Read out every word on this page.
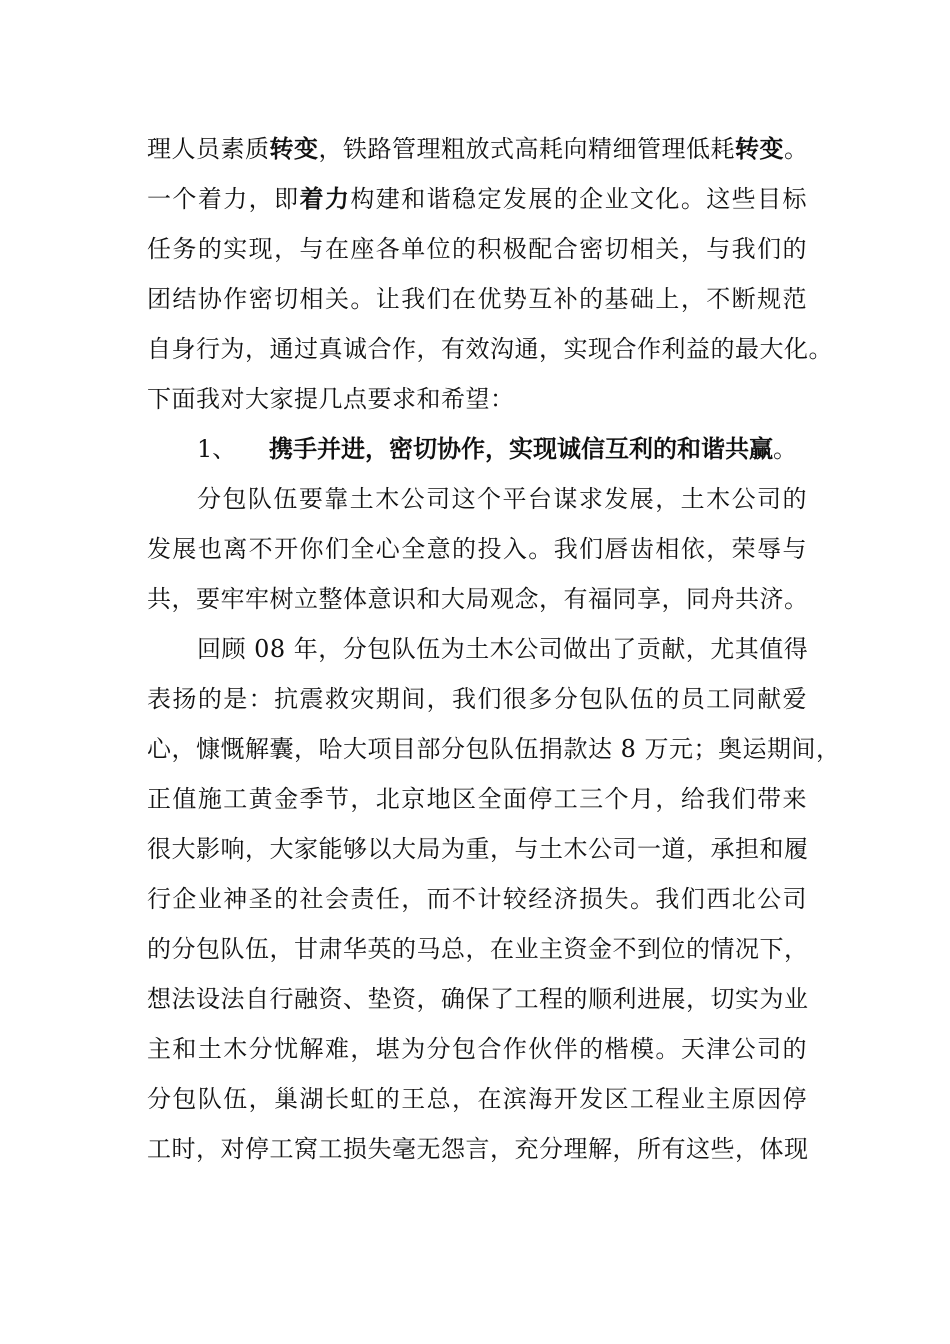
理人员素质转变，铁路管理粗放式高耗向精细管理低耗转变。
一个着力，即着力构建和谐稳定发展的企业文化。这些目标
任务的实现，与在座各单位的积极配合密切相关，与我们的
团结协作密切相关。让我们在优势互补的基础上，不断规范
自身行为，通过真诚合作，有效沟通，实现合作利益的最大化。
下面我对大家提几点要求和希望：
1、 携手并进，密切协作，实现诚信互利的和谐共赢。
分包队伍要靠土木公司这个平台谋求发展，土木公司的
发展也离不开你们全心全意的投入。我们唇齿相依，荣辱与
共，要牢牢树立整体意识和大局观念，有福同享，同舟共济。
回顾 08 年，分包队伍为土木公司做出了贡献，尤其值得
表扬的是：抗震救灾期间，我们很多分包队伍的员工同献爱
心，慷慨解囊，哈大项目部分包队伍捐款达 8 万元；奥运期间，
正值施工黄金季节，北京地区全面停工三个月，给我们带来
很大影响，大家能够以大局为重，与土木公司一道，承担和履
行企业神圣的社会责任，而不计较经济损失。我们西北公司
的分包队伍，甘肃华英的马总，在业主资金不到位的情况下，
想法设法自行融资、垫资，确保了工程的顺利进展，切实为业
主和土木分忧解难，堪为分包合作伙伴的楷模。天津公司的
分包队伍，巢湖长虹的王总，在滨海开发区工程业主原因停
工时，对停工窝工损失毫无怨言，充分理解，所有这些，体现
